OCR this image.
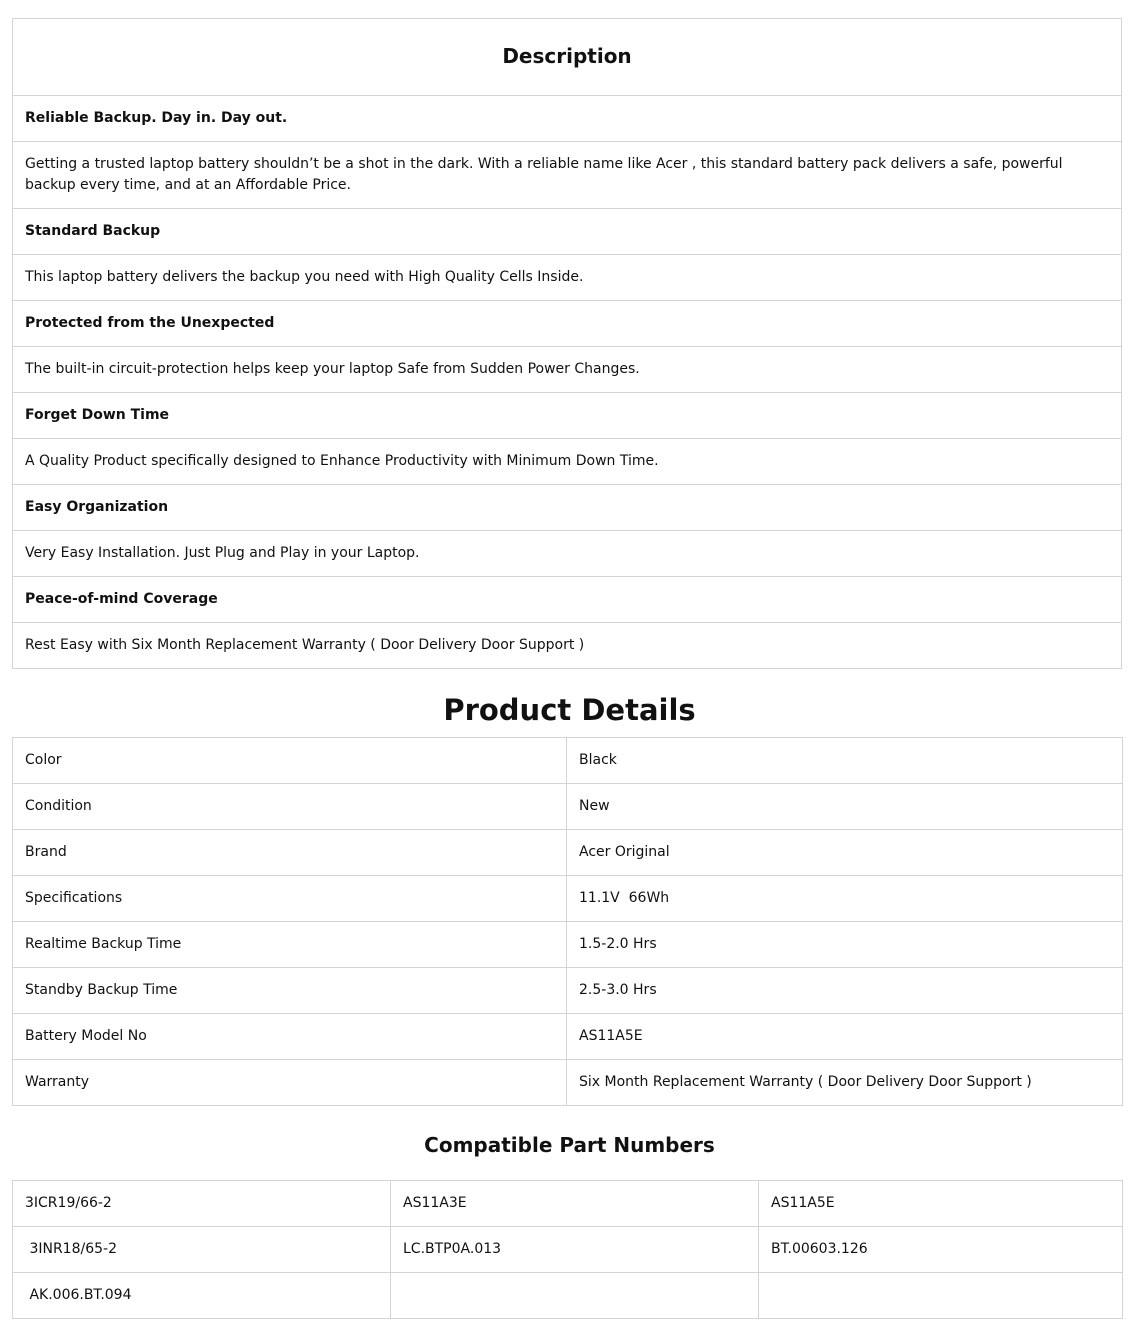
Description
Reliable Backup. Day in. Day out.
Getting a trusted laptop battery shouldn’t be a shot in the dark. With a reliable name like Acer , this standard battery pack delivers a safe, powerful backup every time, and at an Affordable Price.
Standard Backup
This laptop battery delivers the backup you need with High Quality Cells Inside.
Protected from the Unexpected
The built-in circuit-protection helps keep your laptop Safe from Sudden Power Changes.
Forget Down Time
A Quality Product specifically designed to Enhance Productivity with Minimum Down Time.
Easy Organization
Very Easy Installation. Just Plug and Play in your Laptop.
Peace-of-mind Coverage
Rest Easy with Six Month Replacement Warranty ( Door Delivery Door Support )
Product Details
Color	Black
Condition	New
Brand	Acer Original
Specifications	11.1V  66Wh
Realtime Backup Time	1.5-2.0 Hrs
Standby Backup Time	2.5-3.0 Hrs
Battery Model No	AS11A5E
Warranty	Six Month Replacement Warranty ( Door Delivery Door Support )
Compatible Part Numbers
3ICR19/66-2	AS11A3E	AS11A5E
3INR18/65-2	LC.BTP0A.013	BT.00603.126
AK.006.BT.094		
